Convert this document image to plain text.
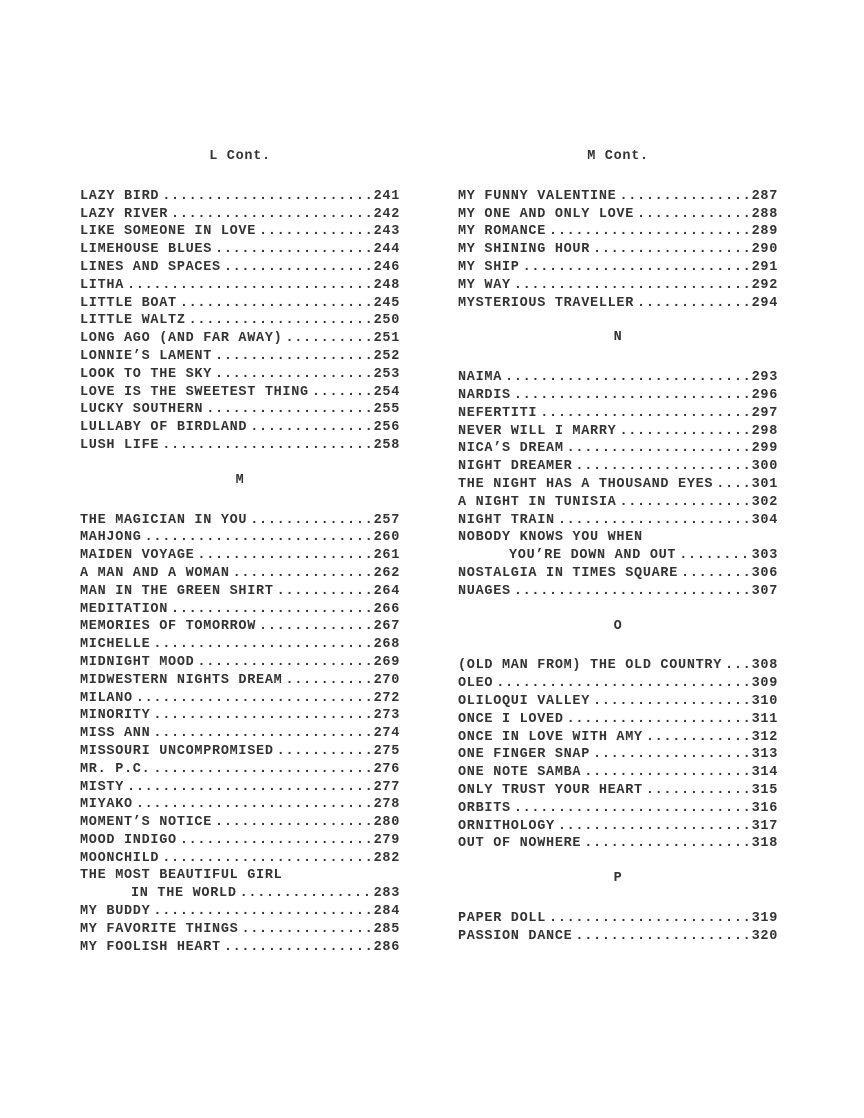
L Cont.
LAZY BIRD .....	241
LAZY RIVER .....	242
LIKE SOMEONE IN LOVE .....	243
LIMEHOUSE BLUES .....	244
LINES AND SPACES .....	246
LITHA .....	248
LITTLE BOAT .....	245
LITTLE WALTZ .....	250
LONG AGO (AND FAR AWAY) .....	251
LONNIE’S LAMENT .....	252
LOOK TO THE SKY .....	253
LOVE IS THE SWEETEST THING .....	254
LUCKY SOUTHERN .....	255
LULLABY OF BIRDLAND .....	256
LUSH LIFE .....	258
M
THE MAGICIAN IN YOU .....	257
MAHJONG .....	260
MAIDEN VOYAGE .....	261
A MAN AND A WOMAN .....	262
MAN IN THE GREEN SHIRT .....	264
MEDITATION .....	266
MEMORIES OF TOMORROW .....	267
MICHELLE .....	268
MIDNIGHT MOOD .....	269
MIDWESTERN NIGHTS DREAM .....	270
MILANO .....	272
MINORITY .....	273
MISS ANN .....	274
MISSOURI UNCOMPROMISED .....	275
MR. P.C. .....	276
MISTY .....	277
MIYAKO .....	278
MOMENT’S NOTICE .....	280
MOOD INDIGO .....	279
MOONCHILD .....	282
THE MOST BEAUTIFUL GIRL
IN THE WORLD .....	283
MY BUDDY .....	284
MY FAVORITE THINGS .....	285
MY FOOLISH HEART .....	286
M Cont.
MY FUNNY VALENTINE .....	287
MY ONE AND ONLY LOVE .....	288
MY ROMANCE .....	289
MY SHINING HOUR .....	290
MY SHIP .....	291
MY WAY .....	292
MYSTERIOUS TRAVELLER .....	294
N
NAIMA .....	293
NARDIS .....	296
NEFERTITI .....	297
NEVER WILL I MARRY .....	298
NICA’S DREAM .....	299
NIGHT DREAMER .....	300
THE NIGHT HAS A THOUSAND EYES .....	301
A NIGHT IN TUNISIA .....	302
NIGHT TRAIN .....	304
NOBODY KNOWS YOU WHEN
YOU’RE DOWN AND OUT .....	303
NOSTALGIA IN TIMES SQUARE .....	306
NUAGES .....	307
O
(OLD MAN FROM) THE OLD COUNTRY ..... 308
OLEO .....	309
OLILOQUI VALLEY .....	310
ONCE I LOVED .....	311
ONCE IN LOVE WITH AMY .....	312
ONE FINGER SNAP .....	313
ONE NOTE SAMBA .....	314
ONLY TRUST YOUR HEART .....	315
ORBITS .....	316
ORNITHOLOGY .....	317
OUT OF NOWHERE .....	318
P
PAPER DOLL .....	319
PASSION DANCE .....	320
